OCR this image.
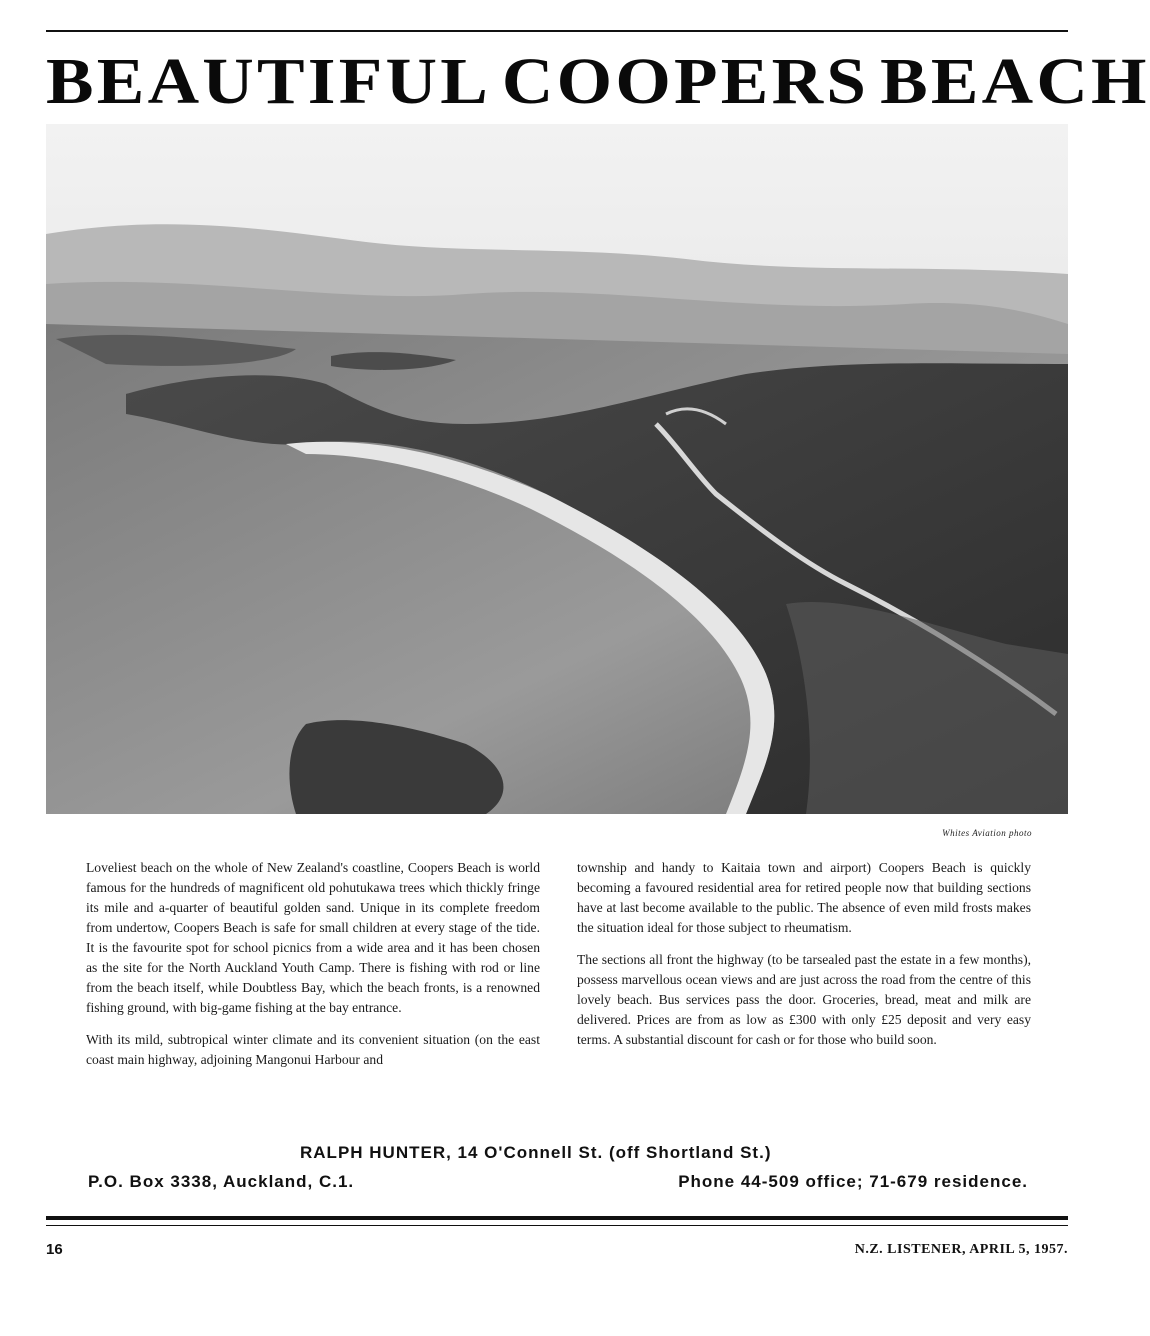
BEAUTIFUL COOPERS BEACH
Whites Aviation photo

Loveliest beach on the whole of New Zealand's coastline, Coopers Beach is world famous for the hundreds of magnificent old pohutukawa trees which thickly fringe its mile and a-quarter of beautiful golden sand. Unique in its complete freedom from undertow, Coopers Beach is safe for small children at every stage of the tide. It is the favourite spot for school picnics from a wide area and it has been chosen as the site for the North Auckland Youth Camp. There is fishing with rod or line from the beach itself, while Doubtless Bay, which the beach fronts, is a renowned fishing ground, with big-game fishing at the bay entrance.

With its mild, subtropical winter climate and its convenient situation (on the east coast main highway, adjoining Mangonui Harbour and

township and handy to Kaitaia town and airport) Coopers Beach is quickly becoming a favoured residential area for retired people now that building sections have at last become available to the public. The absence of even mild frosts makes the situation ideal for those subject to rheumatism.

The sections all front the highway (to be tarsealed past the estate in a few months), possess marvellous ocean views and are just across the road from the centre of this lovely beach. Bus services pass the door. Groceries, bread, meat and milk are delivered. Prices are from as low as £300 with only £25 deposit and very easy terms. A substantial discount for cash or for those who build soon.

RALPH HUNTER, 14 O'Connell St. (off Shortland St.)
P.O. Box 3338, Auckland, C.1.	Phone 44-509 office; 71-679 residence.
16	N.Z. LISTENER, APRIL 5, 1957.
